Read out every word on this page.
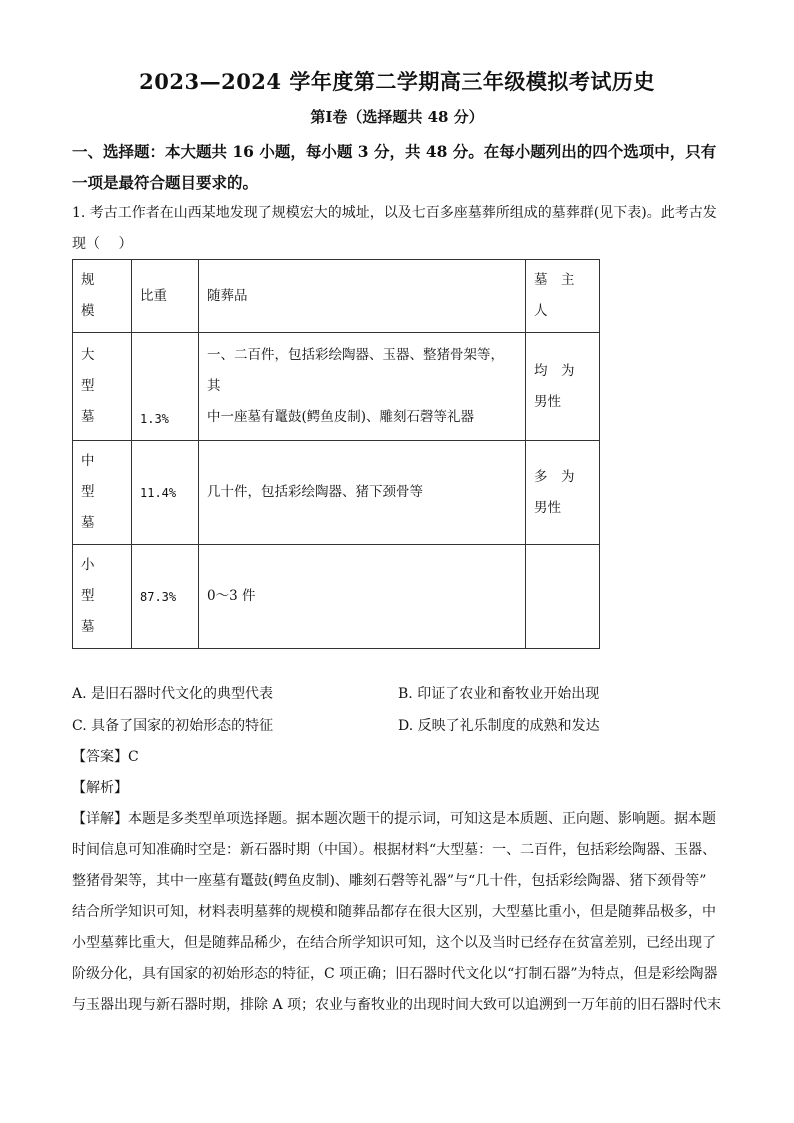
2023—2024 学年度第二学期高三年级模拟考试历史
第Ⅰ卷（选择题共 48 分）
一、选择题：本大题共 16 小题，每小题 3 分，共 48 分。在每小题列出的四个选项中，只有
一项是最符合题目要求的。
1. 考古工作者在山西某地发现了规模宏大的城址，以及七百多座墓葬所组成的墓葬群(见下表)。此考古发
现（　 ）
规
模	比重	随葬品	墓　主
人

大
型
墓	1.3%	一、二百件，包括彩绘陶器、玉器、整猪骨架等，
其
中一座墓有鼍鼓(鳄鱼皮制)、雕刻石磬等礼器	均　为
男性

中
型
墓	11.4%	几十件，包括彩绘陶器、猪下颈骨等	多　为
男性

小
型
墓	87.3%	0～3 件	

A. 是旧石器时代文化的典型代表	B. 印证了农业和畜牧业开始出现
C. 具备了国家的初始形态的特征	D. 反映了礼乐制度的成熟和发达
【答案】C
【解析】
【详解】本题是多类型单项选择题。据本题次题干的提示词，可知这是本质题、正向题、影响题。据本题
时间信息可知准确时空是：新石器时期（中国）。根据材料“大型墓：一、二百件，包括彩绘陶器、玉器、
整猪骨架等，其中一座墓有鼍鼓(鳄鱼皮制)、雕刻石磬等礼器”与“几十件，包括彩绘陶器、猪下颈骨等”
结合所学知识可知，材料表明墓葬的规模和随葬品都存在很大区别，大型墓比重小，但是随葬品极多，中
小型墓葬比重大，但是随葬品稀少，在结合所学知识可知，这个以及当时已经存在贫富差别，已经出现了
阶级分化，具有国家的初始形态的特征，C 项正确；旧石器时代文化以“打制石器”为特点，但是彩绘陶器
与玉器出现与新石器时期，排除 A 项；农业与畜牧业的出现时间大致可以追溯到一万年前的旧石器时代末
